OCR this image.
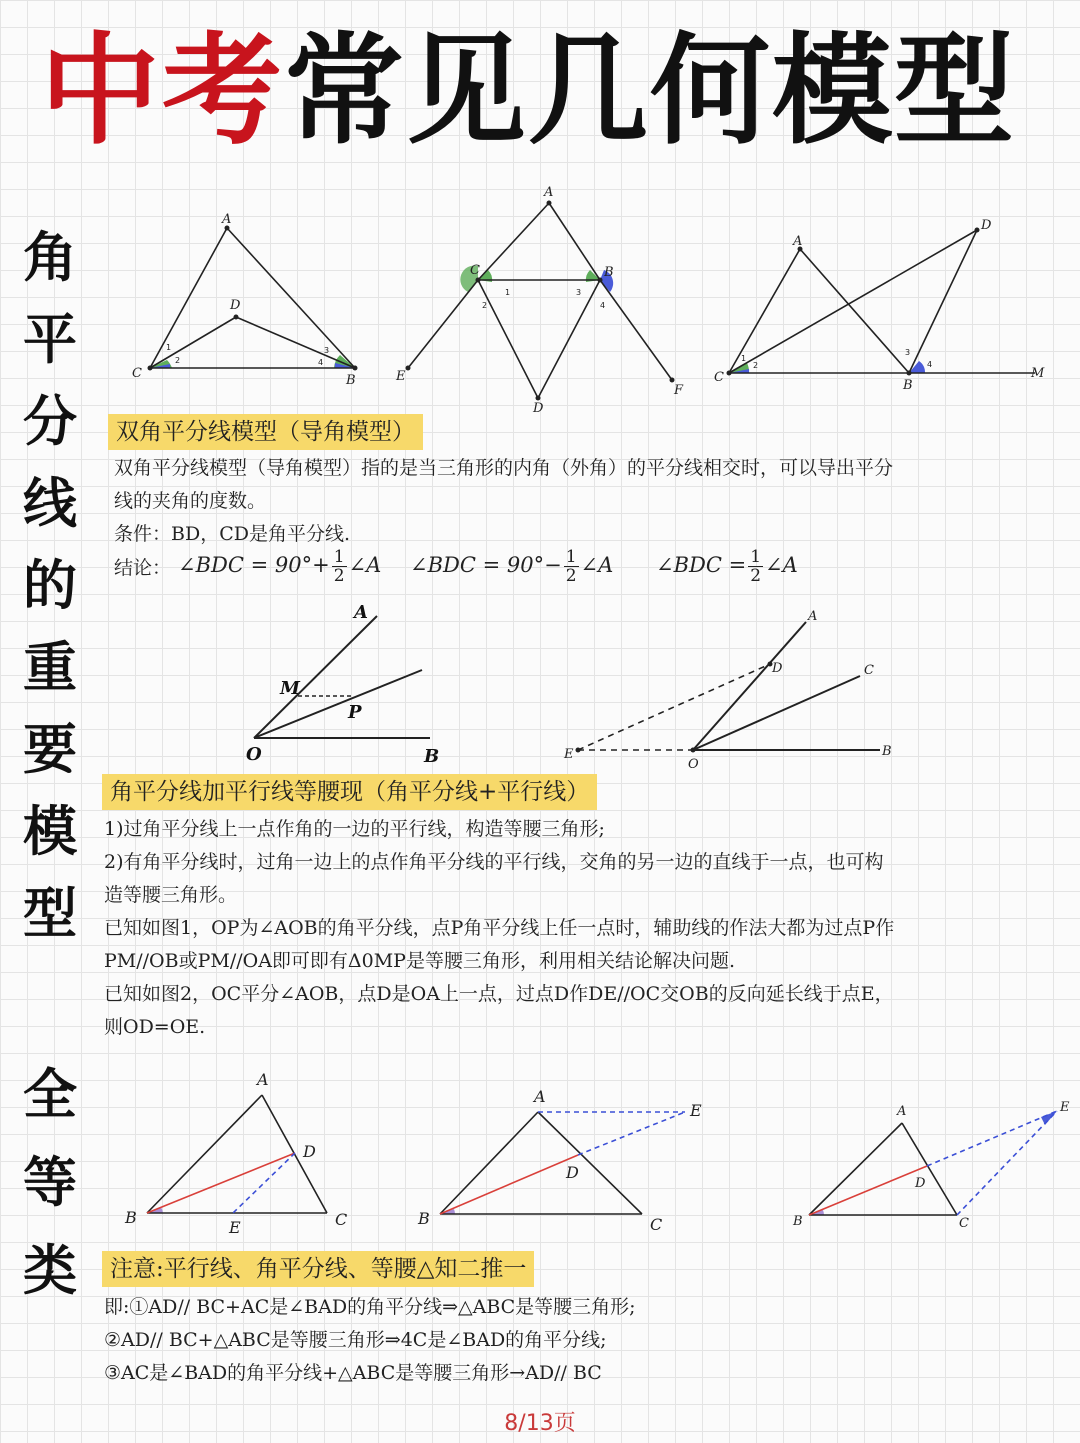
中考常见几何模型
角
平
分
线
的
重
要
模
型
全
等
类
A
D
C	B
1
2
3
4
A
C	B
D
E
F
1
2
3
4
A
C
B
D
M
1
2
3
4
双角平分线模型（导角模型）
双角平分线模型（导角模型）指的是当三角形的内角（外角）的平分线相交时，可以导出平分
线的夹角的度数。
条件：BD，CD是角平分线.
结论： ∠BDC = $90^\circ+ \frac{1}{2}$ ∠A ∠BDC = $90^\circ- \frac{1}{2}$ ∠A ∠BDC = $\frac{1}{2}$ ∠A
A
M
P
O	B
A
C
D
E
O
B
角平分线加平行线等腰现（角平分线+平行线）
1)过角平分线上一点作角的一边的平行线，构造等腰三角形;
2)有角平分线时，过角一边上的点作角平分线的平行线，交角的另一边的直线于一点，也可构
造等腰三角形。
已知如图1，OP为∠AOB的角平分线，点P角平分线上任一点时，辅助线的作法大都为过点P作
PM//OB或PM//OA即可即有Δ0MP是等腰三角形，利用相关结论解决问题.
已知如图2，OC平分∠AOB，点D是OA上一点，过点D作DE//OC交OB的反向延长线于点E，
则OD=OE.
A
D
B
E	C
A
E
D
B	C
A	E
D
B	C
注意:平行线、角平分线、等腰△知二推一
即:①AD// BC+AC是∠BAD的角平分线⇒△ABC是等腰三角形;
②AD// BC+△ABC是等腰三角形⇒4C是∠BAD的角平分线;
③AC是∠BAD的角平分线+△ABC是等腰三角形→AD// BC
8/13页
